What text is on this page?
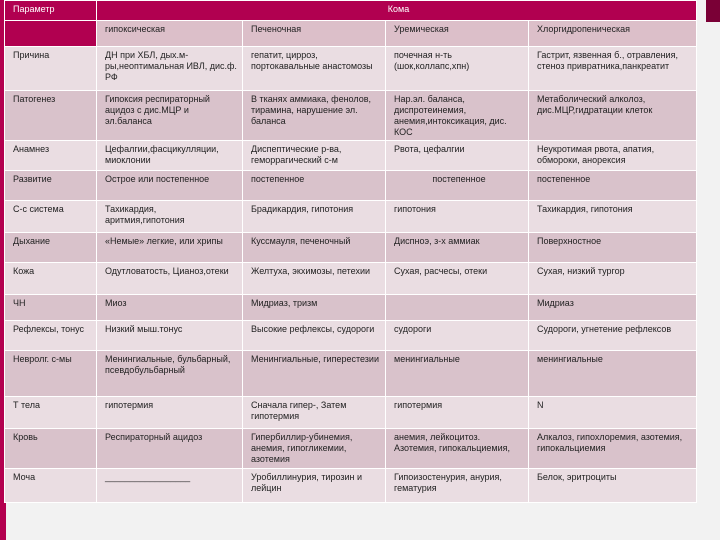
Параметр	Кома			
	гипоксическая	Печеночная	Уремическая	Хлоргидропеническая
Причина	ДН при ХБЛ, дых.м-ры,неоптимальная ИВЛ, дис.ф. РФ	гепатит, цирроз, портокавальные анастомозы	почечная н-ть (шок,коллапс,хпн)	Гастрит, язвенная б., отравления, стеноз привратника,панкреатит
Патогенез	Гипоксия респираторный ацидоз с дис.МЦР и эл.баланса	В тканях аммиака, фенолов, тирамина, нарушение эл. баланса	Нар.эл. баланса, диспротеинемия, анемия,интоксикация, дис. КОС	Метаболический алколоз, дис.МЦР,гидратации клеток
Анамнез	Цефалгии,фасцикулляции, миоклонии	Диспептические р-ва, геморрагический с-м	Рвота, цефалгии	Неукротимая рвота, апатия, обмороки, анорексия
Развитие	Острое или постепенное	постепенное	постепенное	постепенное
С-с система	Тахикардия, аритмия,гипотония	Брадикардия, гипотония	гипотония	Тахикардия, гипотония
Дыхание	«Немые» легкие, или хрипы	Куссмауля, печеночный	Диспноэ, з-х аммиак	Поверхностное
Кожа	Одутловатость, Цианоз,отеки	Желтуха, экхимозы, петехии	Сухая, расчесы, отеки	Сухая, низкий тургор
ЧН	Миоз	Мидриаз, тризм		Мидриаз
Рефлексы, тонус	Низкий мыш.тонус	Высокие рефлексы, судороги	судороги	Судороги, угнетение рефлексов
Невролг. с-мы	Менингиальные, бульбарный, псевдобульбарный	Менингиальные, гиперестезии	менингиальные	менингиальные
Т тела	гипотермия	Сначала гипер-, Затем гипотермия	гипотермия	N
Кровь	Респираторный ацидоз	Гипербиллир-убинемия, анемия, гипогликемии, азотемия	анемия, лейкоцитоз. Азотемия, гипокальциемия,	Алкалоз, гипохлоремия, азотемия, гипокальциемия
Моча	_________________	Уробиллинурия, тирозин и лейцин	Гипоизостенурия, анурия, гематурия	Белок, эритроциты
